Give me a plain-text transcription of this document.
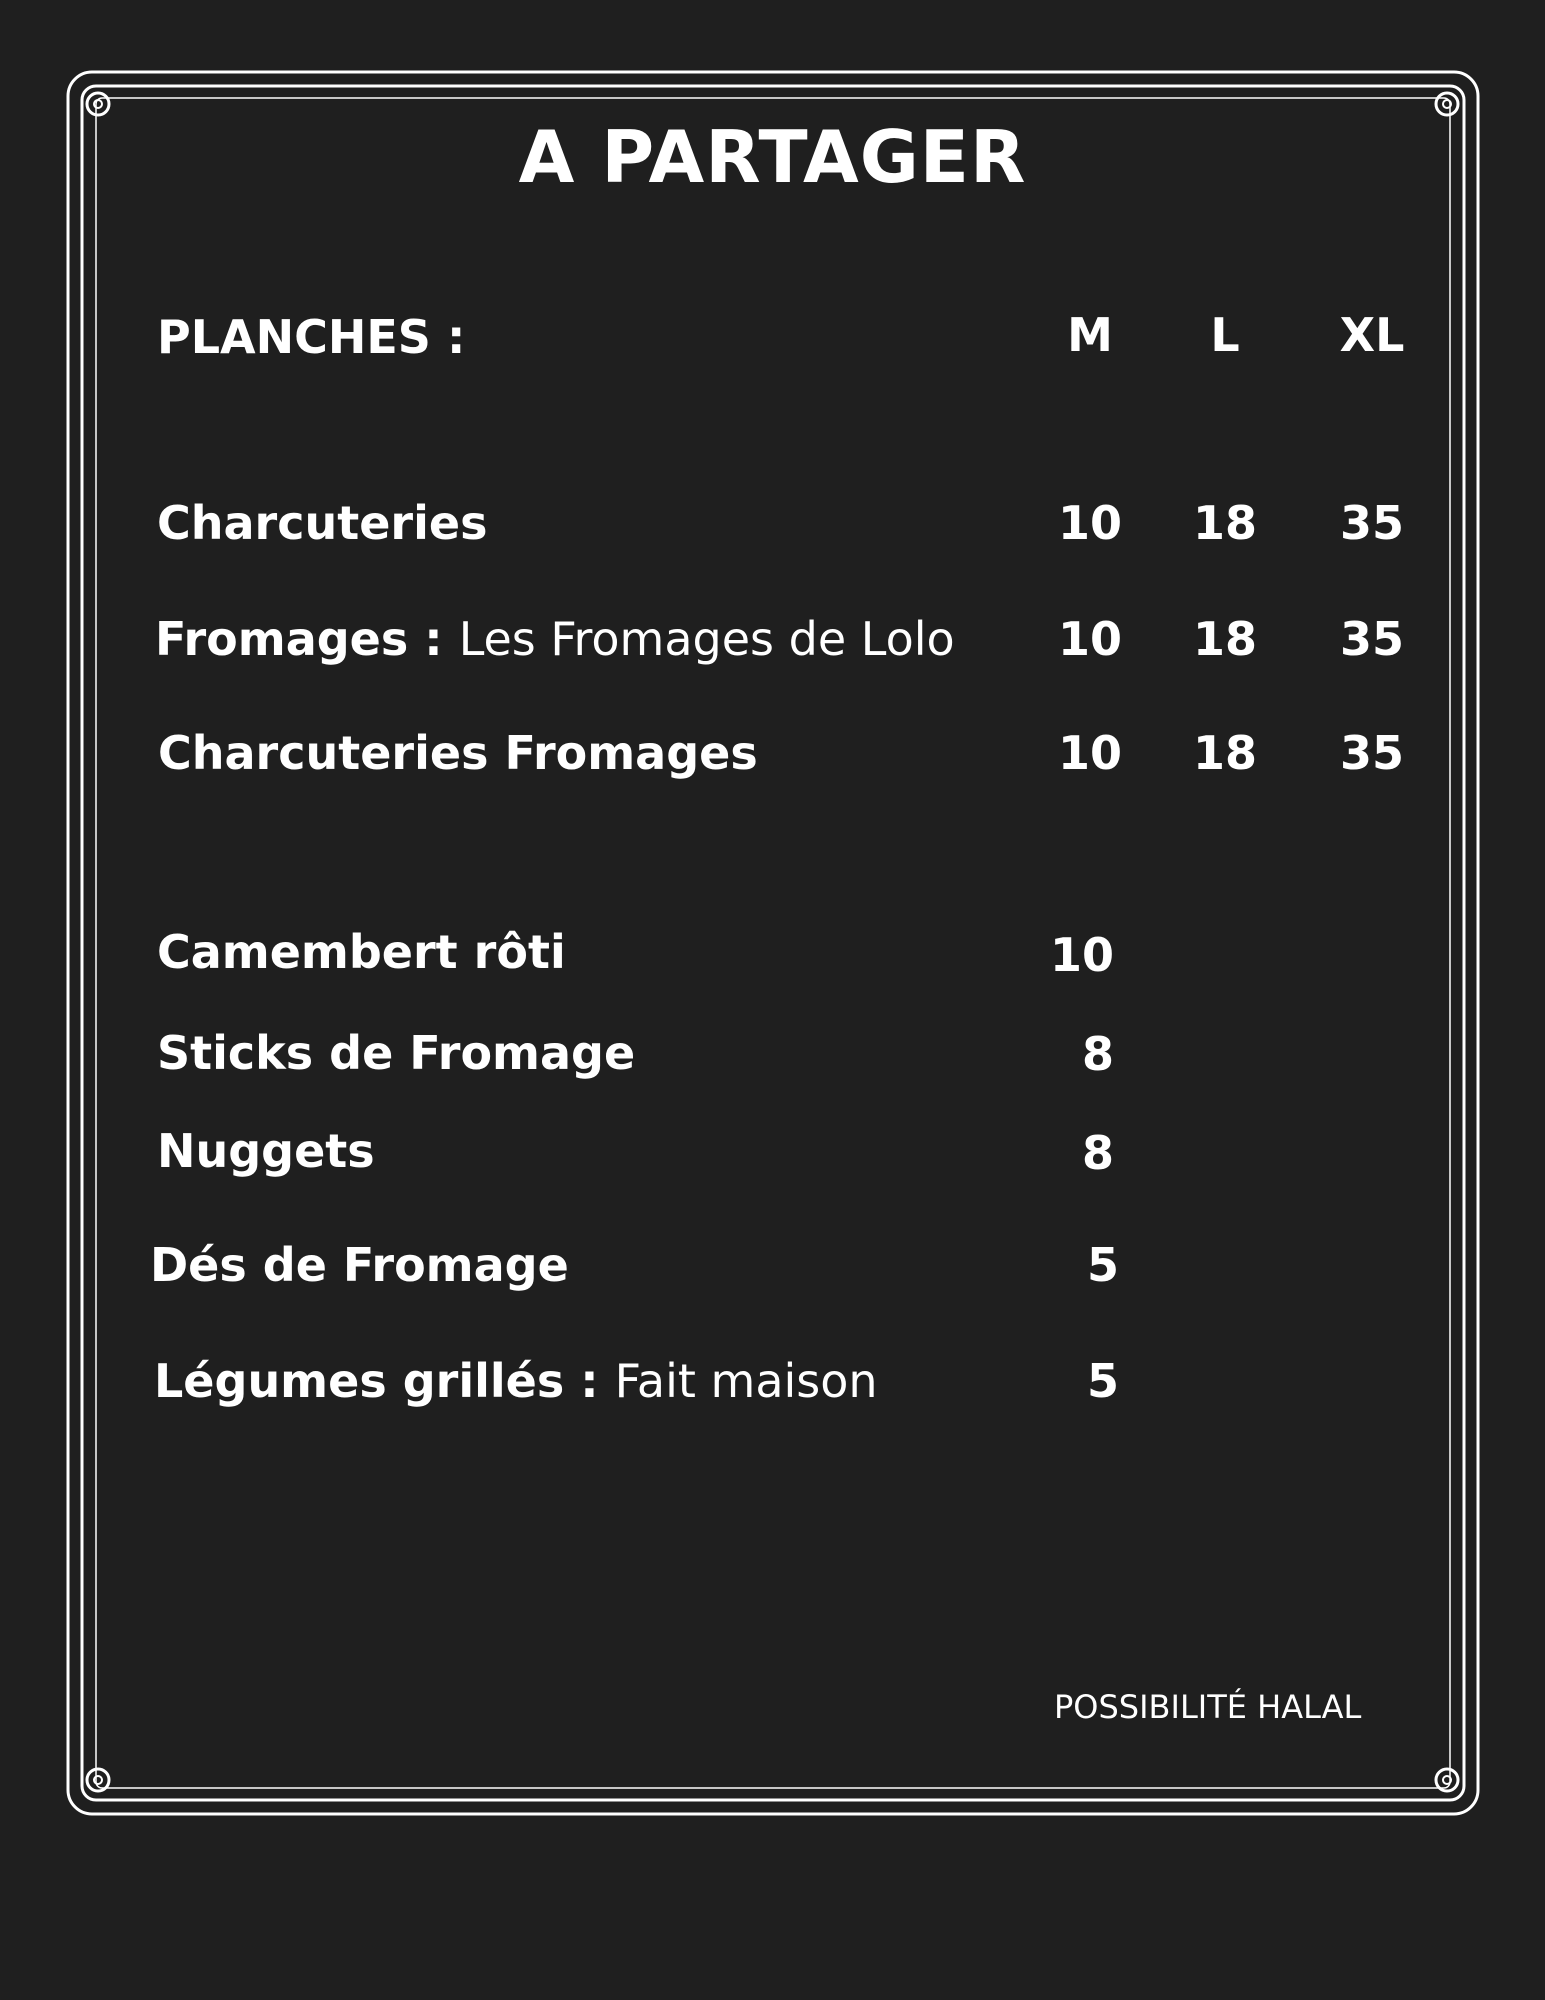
A PARTAGER
PLANCHES :	M	L	XL
Charcuteries	10	18	35
Fromages : Les Fromages de Lolo	10	18	35
Charcuteries Fromages	10	18	35
Camembert rôti	10
Sticks de Fromage	8
Nuggets	8
Dés de Fromage	5
Légumes grillés : Fait maison	5
POSSIBILITÉ HALAL
